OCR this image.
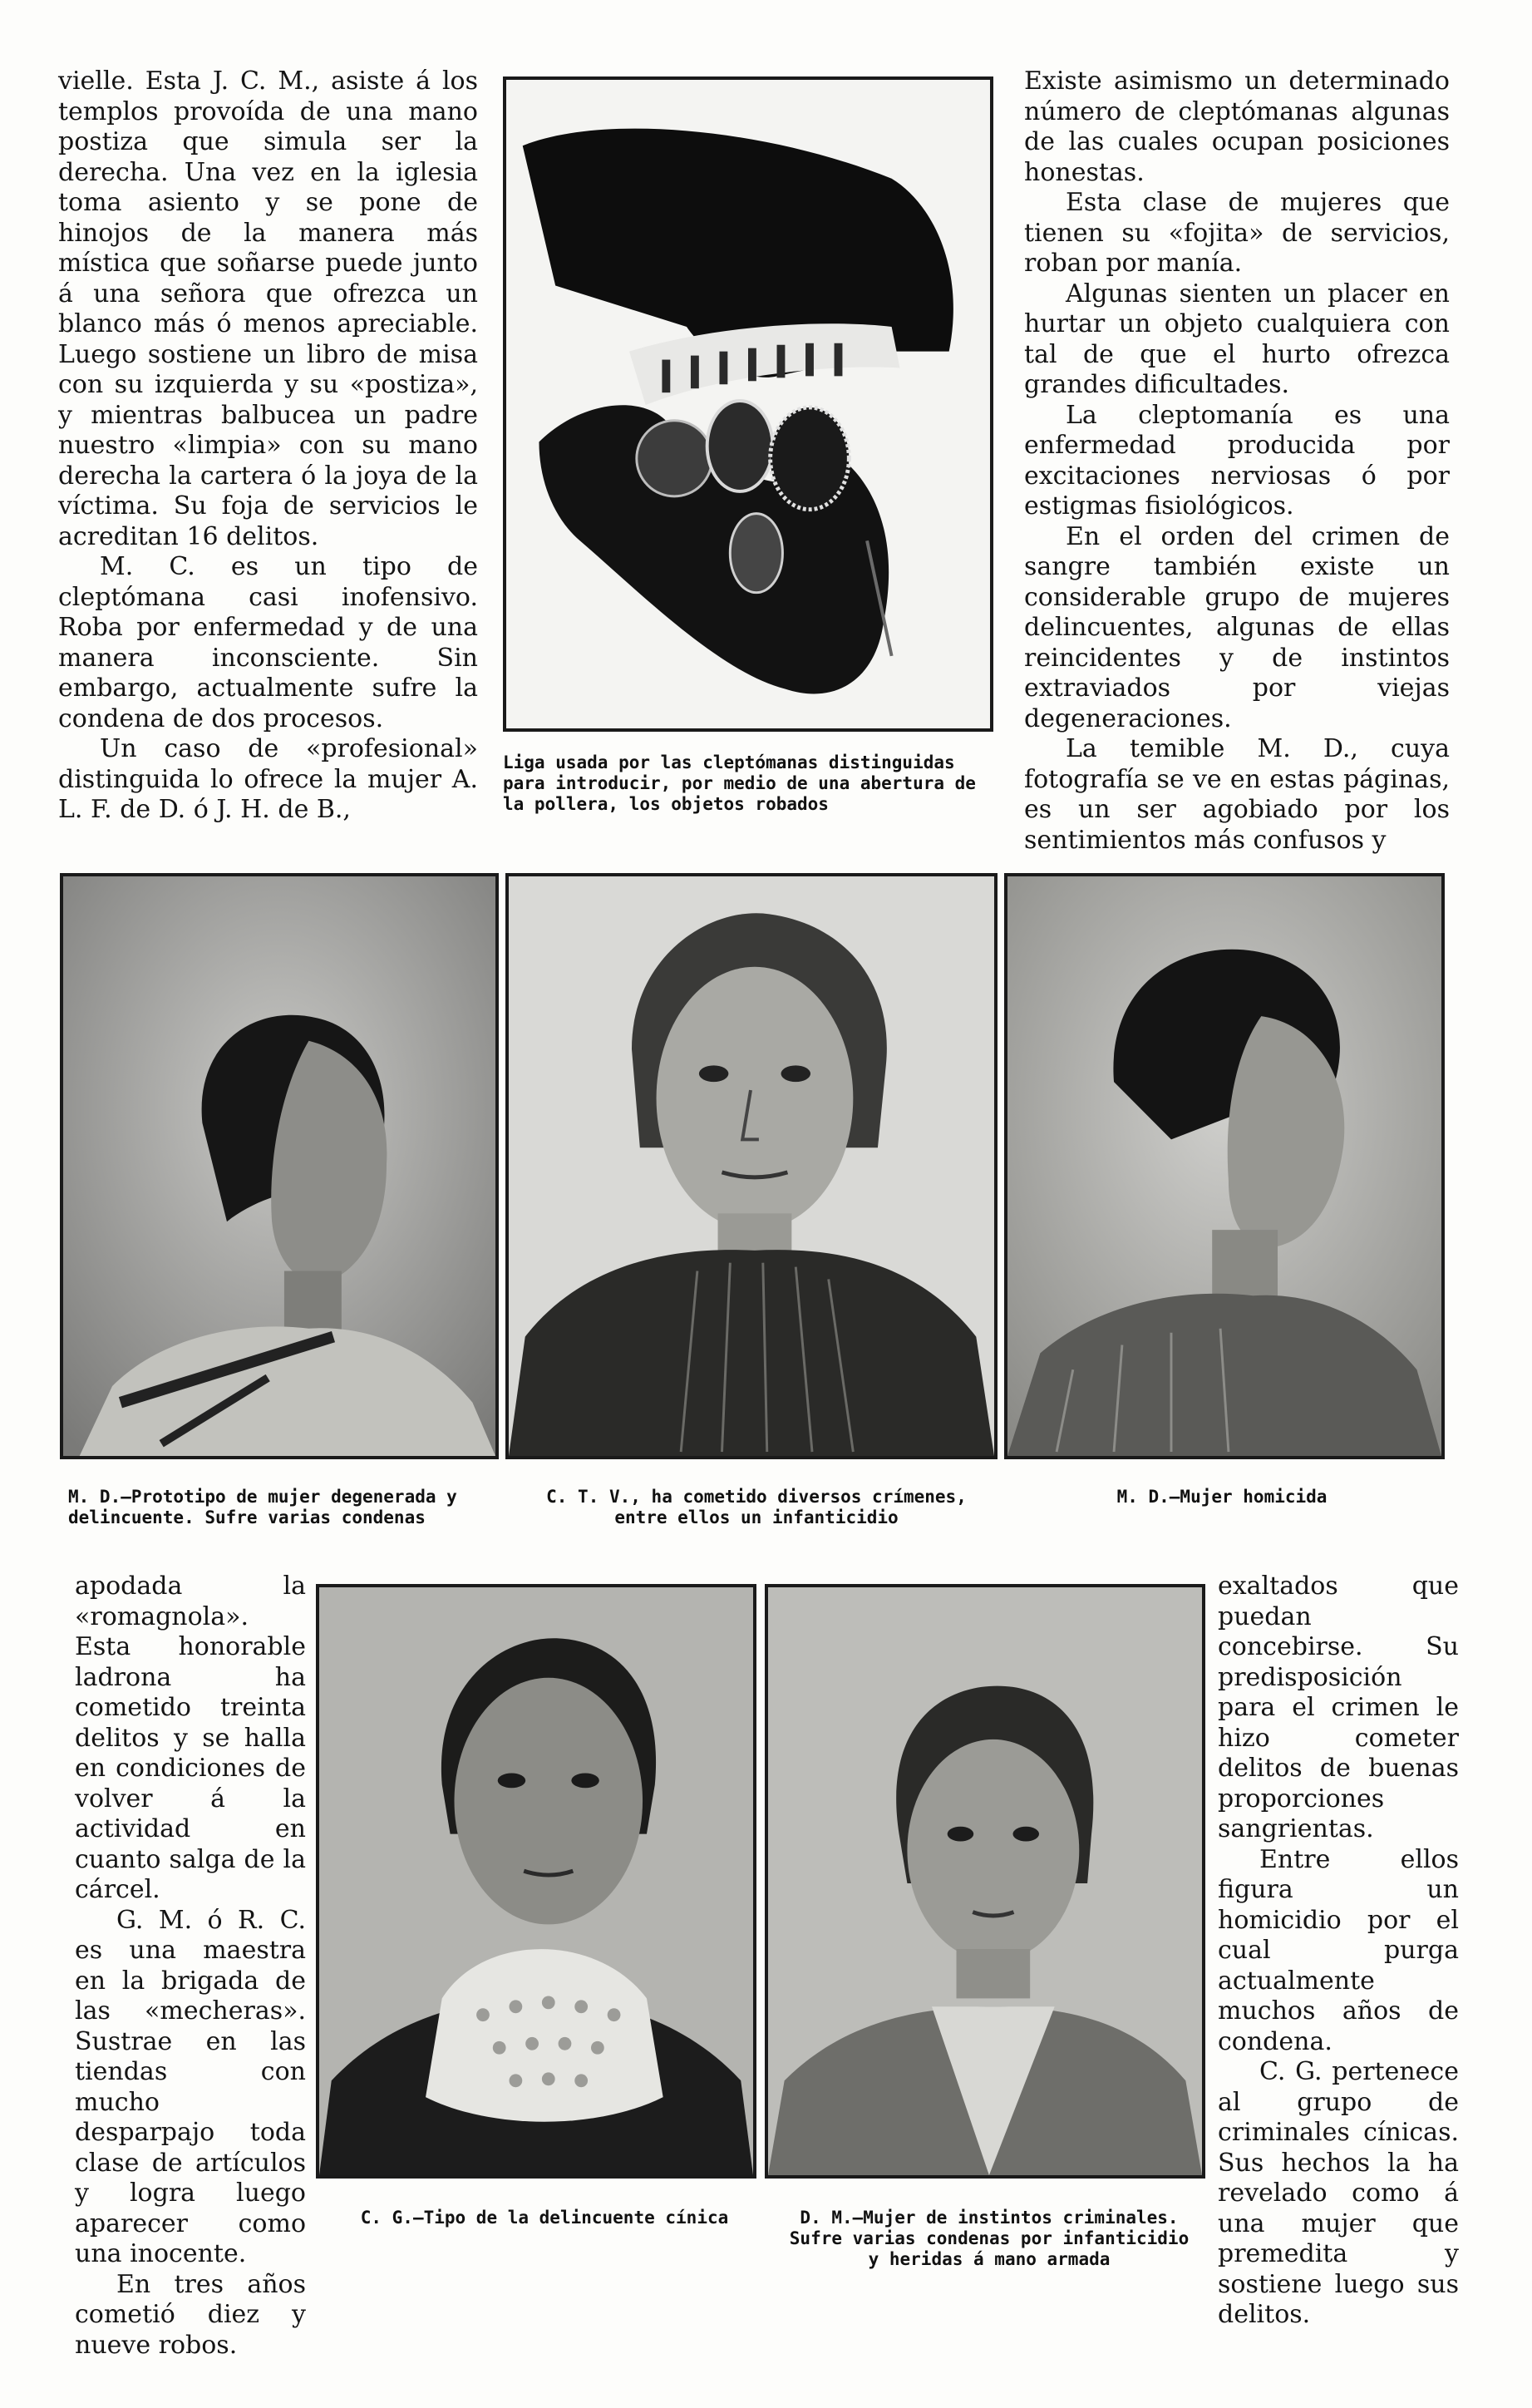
vielle. Esta J. C. M., asiste á los templos provoída de una mano postiza que simula ser la derecha. Una vez en la iglesia toma asiento y se pone de hinojos de la manera más mística que soñarse puede junto á una señora que ofrezca un blanco más ó menos apreciable. Luego sostiene un libro de misa con su izquierda y su «postiza», y mientras balbucea un padre nuestro «limpia» con su mano derecha la cartera ó la joya de la víctima. Su foja de servicios le acreditan 16 delitos.

M. C. es un tipo de cleptómana casi inofensivo. Roba por enfermedad y de una manera inconsciente. Sin embargo, actualmente sufre la condena de dos procesos.

Un caso de «profesional» distinguida lo ofrece la mujer A. L. F. de D. ó J. H. de B.,

Liga usada por las cleptómanas distinguidas para introducir, por medio de una abertura de la pollera, los objetos robados

Existe asimismo un determinado número de cleptómanas algunas de las cuales ocupan posiciones honestas.

Esta clase de mujeres que tienen su «fojita» de servicios, roban por manía.

Algunas sienten un placer en hurtar un objeto cualquiera con tal de que el hurto ofrezca grandes dificultades.

La cleptomanía es una enfermedad producida por excitaciones nerviosas ó por estigmas fisiológicos.

En el orden del crimen de sangre también existe un considerable grupo de mujeres delincuentes, algunas de ellas reincidentes y de instintos extraviados por viejas degeneraciones.

La temible M. D., cuya fotografía se ve en estas páginas, es un ser agobiado por los sentimientos más confusos y

M. D.—Prototipo de mujer degenerada y delincuente. Sufre varias condenas
C. T. V., ha cometido diversos crímenes, entre ellos un infanticidio
M. D.—Mujer homicida

apodada la «romagnola». Esta honorable ladrona ha cometido treinta delitos y se halla en condiciones de volver á la actividad en cuanto salga de la cárcel.

G. M. ó R. C. es una maestra en la brigada de las «mecheras». Sustrae en las tiendas con mucho desparpajo toda clase de artículos y logra luego aparecer como una inocente.

En tres años cometió diez y nueve robos.

C. G.—Tipo de la delincuente cínica	D. M.—Mujer de instintos criminales. Sufre varias condenas por infanticidio y heridas á mano armada

exaltados que puedan concebirse. Su predisposición para el crimen le hizo cometer delitos de buenas proporciones sangrientas.

Entre ellos figura un homicidio por el cual purga actualmente muchos años de condena.

C. G. pertenece al grupo de criminales cínicas. Sus hechos la ha revelado como á una mujer que premedita y sostiene luego sus delitos.
